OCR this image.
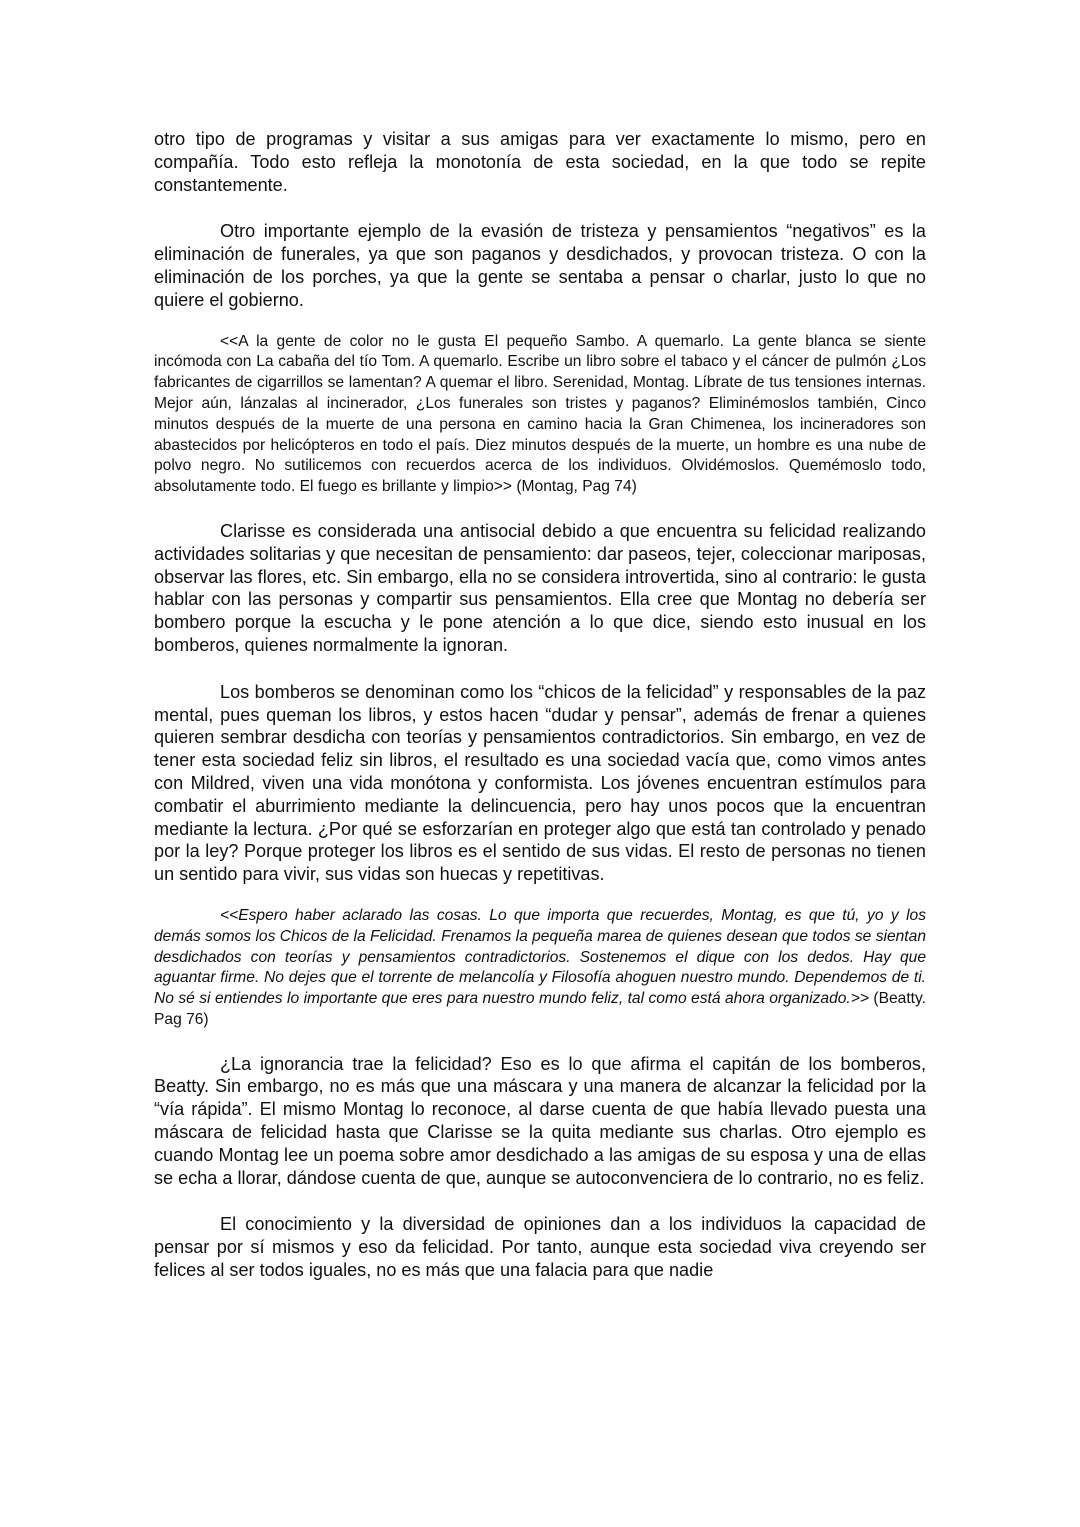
otro tipo de programas y visitar a sus amigas para ver exactamente lo mismo, pero en compañía. Todo esto refleja la monotonía de esta sociedad, en la que todo se repite constantemente.

Otro importante ejemplo de la evasión de tristeza y pensamientos “negativos” es la eliminación de funerales, ya que son paganos y desdichados, y provocan tristeza. O con la eliminación de los porches, ya que la gente se sentaba a pensar o charlar, justo lo que no quiere el gobierno.

<<A la gente de color no le gusta El pequeño Sambo. A quemarlo. La gente blanca se siente incómoda con La cabaña del tío Tom. A quemarlo. Escribe un libro sobre el tabaco y el cáncer de pulmón ¿Los fabricantes de cigarrillos se lamentan? A quemar el libro. Serenidad, Montag. Líbrate de tus tensiones internas. Mejor aún, lánzalas al incinerador, ¿Los funerales son tristes y paganos? Eliminémoslos también, Cinco minutos después de la muerte de una persona en camino hacia la Gran Chimenea, los incineradores son abastecidos por helicópteros en todo el país. Diez minutos después de la muerte, un hombre es una nube de polvo negro. No sutilicemos con recuerdos acerca de los individuos. Olvidémoslos. Quemémoslo todo, absolutamente todo. El fuego es brillante y limpio>> (Montag, Pag 74)

Clarisse es considerada una antisocial debido a que encuentra su felicidad realizando actividades solitarias y que necesitan de pensamiento: dar paseos, tejer, coleccionar mariposas, observar las flores, etc. Sin embargo, ella no se considera introvertida, sino al contrario: le gusta hablar con las personas y compartir sus pensamientos. Ella cree que Montag no debería ser bombero porque la escucha y le pone atención a lo que dice, siendo esto inusual en los bomberos, quienes normalmente la ignoran.

Los bomberos se denominan como los “chicos de la felicidad” y responsables de la paz mental, pues queman los libros, y estos hacen “dudar y pensar”, además de frenar a quienes quieren sembrar desdicha con teorías y pensamientos contradictorios. Sin embargo, en vez de tener esta sociedad feliz sin libros, el resultado es una sociedad vacía que, como vimos antes con Mildred, viven una vida monótona y conformista. Los jóvenes encuentran estímulos para combatir el aburrimiento mediante la delincuencia, pero hay unos pocos que la encuentran mediante la lectura. ¿Por qué se esforzarían en proteger algo que está tan controlado y penado por la ley? Porque proteger los libros es el sentido de sus vidas. El resto de personas no tienen un sentido para vivir, sus vidas son huecas y repetitivas.

<<Espero haber aclarado las cosas. Lo que importa que recuerdes, Montag, es que tú, yo y los demás somos los Chicos de la Felicidad. Frenamos la pequeña marea de quienes desean que todos se sientan desdichados con teorías y pensamientos contradictorios. Sostenemos el dique con los dedos. Hay que aguantar firme. No dejes que el torrente de melancolía y Filosofía ahoguen nuestro mundo. Dependemos de ti. No sé si entiendes lo importante que eres para nuestro mundo feliz, tal como está ahora organizado.>> (Beatty. Pag 76)

¿La ignorancia trae la felicidad? Eso es lo que afirma el capitán de los bomberos, Beatty. Sin embargo, no es más que una máscara y una manera de alcanzar la felicidad por la “vía rápida”. El mismo Montag lo reconoce, al darse cuenta de que había llevado puesta una máscara de felicidad hasta que Clarisse se la quita mediante sus charlas. Otro ejemplo es cuando Montag lee un poema sobre amor desdichado a las amigas de su esposa y una de ellas se echa a llorar, dándose cuenta de que, aunque se autoconvenciera de lo contrario, no es feliz.

El conocimiento y la diversidad de opiniones dan a los individuos la capacidad de pensar por sí mismos y eso da felicidad. Por tanto, aunque esta sociedad viva creyendo ser felices al ser todos iguales, no es más que una falacia para que nadie
